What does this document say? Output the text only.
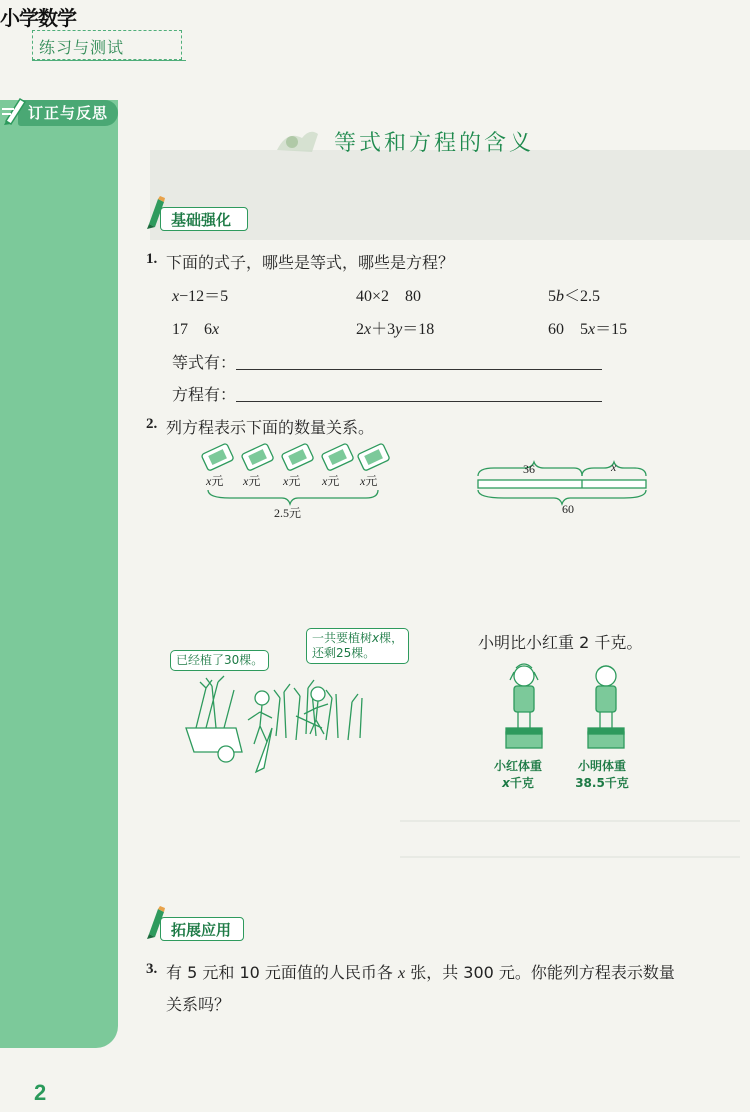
小学数学
练习与测试
订正与反思
等式和方程的含义
基础强化
1. 下面的式子，哪些是等式，哪些是方程？
x−12＝5	40×2　80	5b＜2.5
17　6x	2x＋3y＝18	60　5x＝15
等式有：
方程有：
2. 列方程表示下面的数量关系。
x元 x元 x元 x元 x元
2.5元
36	x
60
已经植了30棵。
一共要植树x棵，
还剩25棵。
小明比小红重 2 千克。
小红体重
x千克
小明体重
38.5千克
拓展应用
3. 有 5 元和 10 元面值的人民币各 x 张，共 300 元。你能列方程表示数量
关系吗？
2
